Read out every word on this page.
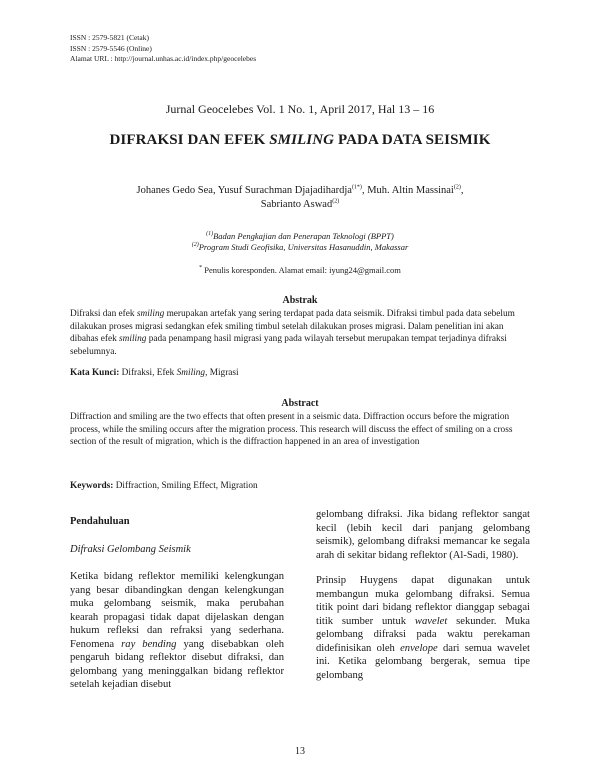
ISSN : 2579-5821 (Cetak)
ISSN : 2579-5546 (Online)
Alamat URL : http://journal.unhas.ac.id/index.php/geocelebes
Jurnal Geocelebes Vol. 1 No. 1, April 2017, Hal 13 – 16
DIFRAKSI DAN EFEK SMILING PADA DATA SEISMIK
Johanes Gedo Sea, Yusuf Surachman Djajadihardja$^{(1*)}$, Muh. Altin Massinai$^{(2)}$,
Sabrianto Aswad$^{(2)}$
$^{(1)}$Badan Pengkajian dan Penerapan Teknologi (BPPT)
$^{(2)}$Program Studi Geofisika, Universitas Hasanuddin, Makassar
* Penulis koresponden. Alamat email: iyung24@gmail.com
Abstrak
Difraksi dan efek smiling merupakan artefak yang sering terdapat pada data seismik. Difraksi timbul pada data sebelum dilakukan proses migrasi sedangkan efek smiling timbul setelah dilakukan proses migrasi. Dalam penelitian ini akan dibahas efek smiling pada penampang hasil migrasi yang pada wilayah tersebut merupakan tempat terjadinya difraksi sebelumnya.
Kata Kunci: Difraksi, Efek Smiling, Migrasi
Abstract
Diffraction and smiling are the two effects that often present in a seismic data. Diffraction occurs before the migration process, while the smiling occurs after the migration process. This research will discuss the effect of smiling on a cross section of the result of migration, which is the diffraction happened in an area of investigation
Keywords: Diffraction, Smiling Effect, Migration
Pendahuluan
Difraksi Gelombang Seismik

Ketika bidang reflektor memiliki kelengkungan yang besar dibandingkan dengan kelengkungan muka gelombang seismik, maka perubahan kearah propagasi tidak dapat dijelaskan dengan hukum refleksi dan refraksi yang sederhana. Fenomena ray bending yang disebabkan oleh pengaruh bidang reflektor disebut difraksi, dan gelombang yang meninggalkan bidang reflektor setelah kejadian disebut

gelombang difraksi. Jika bidang reflektor sangat kecil (lebih kecil dari panjang gelombang seismik), gelombang difraksi memancar ke segala arah di sekitar bidang reflektor (Al-Sadi, 1980).

Prinsip Huygens dapat digunakan untuk membangun muka gelombang difraksi. Semua titik point dari bidang reflektor dianggap sebagai titik sumber untuk wavelet sekunder. Muka gelombang difraksi pada waktu perekaman didefinisikan oleh envelope dari semua wavelet ini. Ketika gelombang bergerak, semua tipe gelombang

13
